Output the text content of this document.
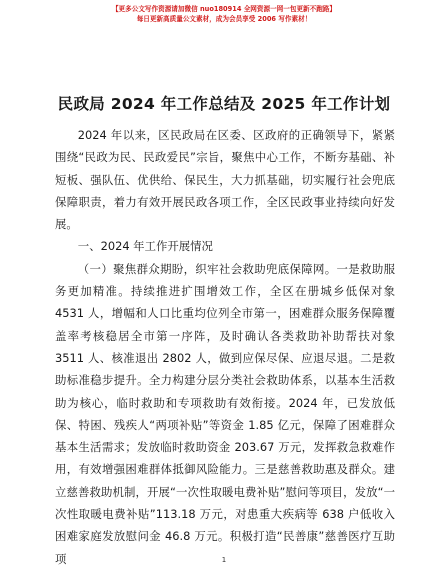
【更多公文写作资源请加微信 nuo180914 全网资源一网一包更新不跑路】
每日更新高质量公文素材，成为会员享受 2006 写作素材！
民政局 2024 年工作总结及 2025 年工作计划

2024 年以来，区民政局在区委、区政府的正确领导下，紧紧围绕“民政为民、民政爱民”宗旨，聚焦中心工作，不断夯基础、补短板、强队伍、优供给、保民生，大力抓基础，切实履行社会兜底保障职责，着力有效开展民政各项工作，全区民政事业持续向好发展。

一、2024 年工作开展情况

（一）聚焦群众期盼，织牢社会救助兜底保障网。一是救助服务更加精准。持续推进扩围增效工作，全区在册城乡低保对象 4531 人，增幅和人口比重均位列全市第一，困难群众服务保障覆盖率考核稳居全市第一序阵，及时确认各类救助补助帮扶对象 3511 人、核准退出 2802 人，做到应保尽保、应退尽退。二是救助标准稳步提升。全力构建分层分类社会救助体系，以基本生活救助为核心，临时救助和专项救助有效衔接。2024 年，已发放低保、特困、残疾人“两项补贴”等资金 1.85 亿元，保障了困难群众基本生活需求；发放临时救助资金 203.67 万元，发挥救急救难作用，有效增强困难群体抵御风险能力。三是慈善救助惠及群众。建立慈善救助机制，开展“一次性取暖电费补贴”慰问等项目，发放“一次性取暖电费补贴”113.18 万元，对患重大疾病等 638 户低收入困难家庭发放慰问金 46.8 万元。积极打造“民善康”慈善医疗互助项	1
